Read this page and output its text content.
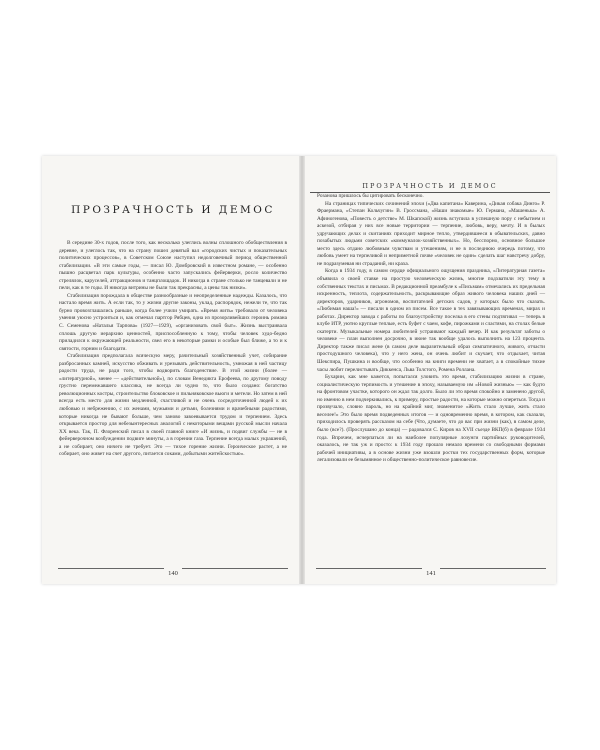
ПРОЗРАЧНОСТЬ И ДЕМОС

В середине 30-х годов, после того, как несколько улеглись волны сплошного обобществления в деревне, и улеглось так, что на страну пошел девятый вал «городских чистых и показательных политических процессов», в Советском Союзе наступил недолговечный период общественной стабилизации. «В эти самые годы, — писал Ю. Домбровский в известном романе, — особенно пышно расцветал парк культуры, особенно часто запускались фейерверки, росло количество стрелялок, каруселей, аттракционов и танцплощадок. И никогда в стране столько не танцевали и не пели, как в те годы. И никогда витрины не были так прекрасны, а цены так низки».

Стабилизация порождала в обществе разнообразные и неопределенные надежды. Казалось, что настало время жить. А если так, то у жизни другие законы, уклад, распорядок, нежели те, что так бурно провозглашались раньше, когда более учили умирать. «Время жить» требовало от человека умения уюсно устроиться и, как отмечал партгор Рябцев, одна из прозорливейших героинь романа С. Семенова «Наталья Тарпова» (1927—1929), «организовать свой быт». Жизнь выстраивала сплошь другую иерархию ценностей, приспособленную к тому, чтобы человек худо-бедно приладился к окружающей реальности, свел его в некоторые рамки и особые был ближе, а то и к святости, горним и благодати.

Стабилизация предполагала всяческую меру, рачительный хозяйственный учет, собирание разбросанных камней, искусство обживать и урезывать действительность, умножая в ней частицу радости труда, не ради того, чтобы водворить благоденствие. В этой жизни (более — «литературной», менее — «действительной»), по словам Венедикта Ерофеева, по другому поводу грустно перемежавшего классика, не всегда ли чудно то, что было создано: богатство революционных костры, строительство блоковское и пильняковское вьюги и метели. Но затем в ней всегда есть место для жизни медленной, счастливой и не очень сосредоточенной людей к их любовью и небрежению, с их женами, мужьями и детьми, болезнями и врачебными радостями, которые никогда не бывают больше, чем заново завоевывается трудом и терпением. Здесь открывается простор для небезынтересных аналогий с некоторыми вещами русской мысли начала XX века. Так, П. Флоренский писал в своей главной книге «И жизнь, и подвиг службы — не в фейерверочном возбуждении подвиге минуты, а в горении газа. Терпение всегда малых украшений, а не собирает, оно ничего не требует. Это — тихое горение жизни. Героическое растет, а не собирает, оно живет на счет другого, питается соками, добытыми житейскостью».

140
ПРОЗРАЧНОСТЬ И ДЕМОС

Розанова пришлось бы цитировать бесконечно.

На страницах типических сочинений эпохи («Два капитана» Каверина, «Дикая собака Динго» Р. Фраермана, «Степан Кольчугин» В. Гроссмана, «Наши знакомые» Ю. Германа, «Машенька» А. Афиногенова, «Повесть о детстве» М. Шкапской) жизнь вступила в успешную пору с небытием и аскезой, отбирая у них все новые территории — терпение, любовь, веру, мечту. И в былых удручающих делах и скитаниях приходит мирное тепло, утвердившееся в обывательских, давно позабытых людьми советских «коммуналок-хозяйственных». Но, бесспорно, основное большое место здесь отдано любовным чувствам и утешениям, и не в последнюю очередь потому, что любовь умеет на терпеливой и неприметной почве «человек не один» сделать шаг навстречу добру, не подразумевая ни страданий, ни краха.

Когда в 1934 году, в самом сердце официального ощущения праздника, «Литературная газета» объявила о своей ставке на простую человеческую жизнь, многие подхватили эту тему в собственных текстах и письмах. В редакционной преамбуле к «Письмам» отмечались их предельная искренность, теплота, содержательность, раскрывающие образ живого человека наших дней — директоров, ударников, агрономов, воспитателей детских садов, у которых было что сказать. «Любимая наша!» — писали в одном из писем. Все такое в тех завязывающих временах, мирах и работах. Директор завода с работы по благоустройству поселка в его стены подтягивал — теперь в клубе ИТР, уютно круглые теплые, есть буфет с чаем, кофе, пирожками и сластями, на столах белые скатерти. Музыкальные номера любителей устраивают каждый вечер. И как результат заботы о человеке — план выполнен досрочно, в июне так вообще удалось выполнить на 123 процента. Директор также писал жене (в самом деле выразительный образ симпатичного, живого, отчасти простодушного человека), что у него жена, он очень любит и скучает, что отдыхает, читая Шекспира, Пушкина и вообще, что особенно на книги времени не хватает, а в спокойные тихие часы любит перелистывать Диккенса, Льва Толстого, Ромена Роллана.

Бухарин, как мне кажется, попытался уловить это время, стабилизацию жизни в стране, социалистическую терпимость и утешение в эпоху, называемую им «Новой жизнью» — как будто на фронтовом участке, которого он ждал так долго. Было ли это время спокойно и заменено другой, но именно в нем подчеркивались, к примеру, простые радости, на которые можно опереться. Тогда и прозвучало, словно пароль, но на крайний миг, знаменитое «Жить стало лучше, жить стало веселее!» Это было время подведенных итогов — и одновременно время, в котором, как сказали, приходилось проверять рассказом на себе (Что, думаете, что до вас при жизни (как), в самом деле, было (все?). (Прослушано до конца) — радовался С. Киров на XVII съезде ВКП(б) в феврале 1934 года. Впрочем, исчерпаться ли на наиболее популярные лозунги партийных руководителей, оказалось, не так уж и просто: к 1934 году прошло немало времени со свободными формами рабочей инициативы, а в основе жизни уже взошли ростки тех государственных форм, которые легализовали ее безымянное и общественно-политическое равновесие.

141
